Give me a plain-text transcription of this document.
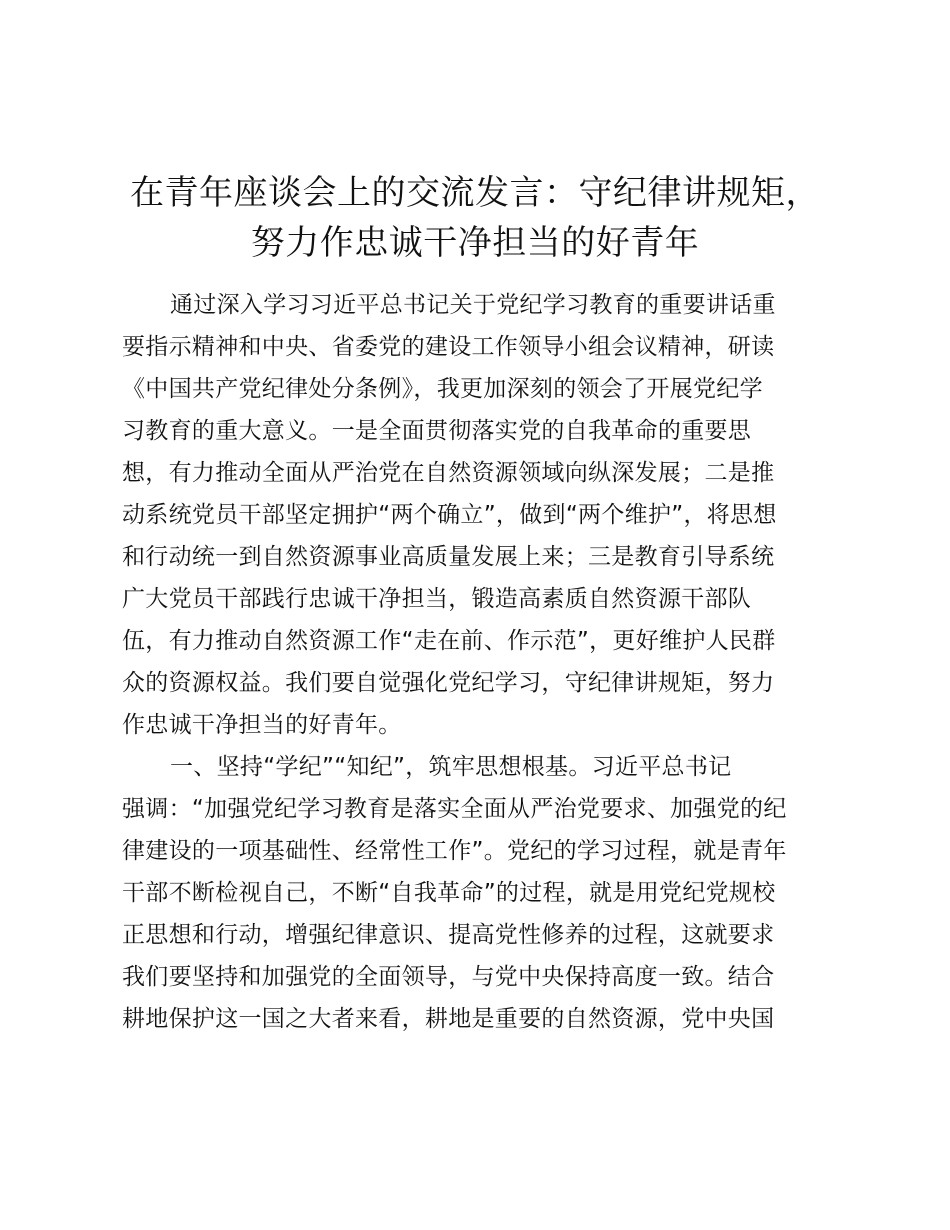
在青年座谈会上的交流发言：守纪律讲规矩，
努力作忠诚干净担当的好青年
通过深入学习习近平总书记关于党纪学习教育的重要讲话重
要指示精神和中央、省委党的建设工作领导小组会议精神，研读
《中国共产党纪律处分条例》，我更加深刻的领会了开展党纪学
习教育的重大意义。一是全面贯彻落实党的自我革命的重要思
想，有力推动全面从严治党在自然资源领域向纵深发展；二是推
动系统党员干部坚定拥护“两个确立”，做到“两个维护”，将思想
和行动统一到自然资源事业高质量发展上来；三是教育引导系统
广大党员干部践行忠诚干净担当，锻造高素质自然资源干部队
伍，有力推动自然资源工作“走在前、作示范”，更好维护人民群
众的资源权益。我们要自觉强化党纪学习，守纪律讲规矩，努力
作忠诚干净担当的好青年。
一、坚持“学纪”“知纪”，筑牢思想根基。习近平总书记
强调：“加强党纪学习教育是落实全面从严治党要求、加强党的纪
律建设的一项基础性、经常性工作”。党纪的学习过程，就是青年
干部不断检视自己，不断“自我革命”的过程，就是用党纪党规校
正思想和行动，增强纪律意识、提高党性修养的过程，这就要求
我们要坚持和加强党的全面领导，与党中央保持高度一致。结合
耕地保护这一国之大者来看，耕地是重要的自然资源，党中央国
